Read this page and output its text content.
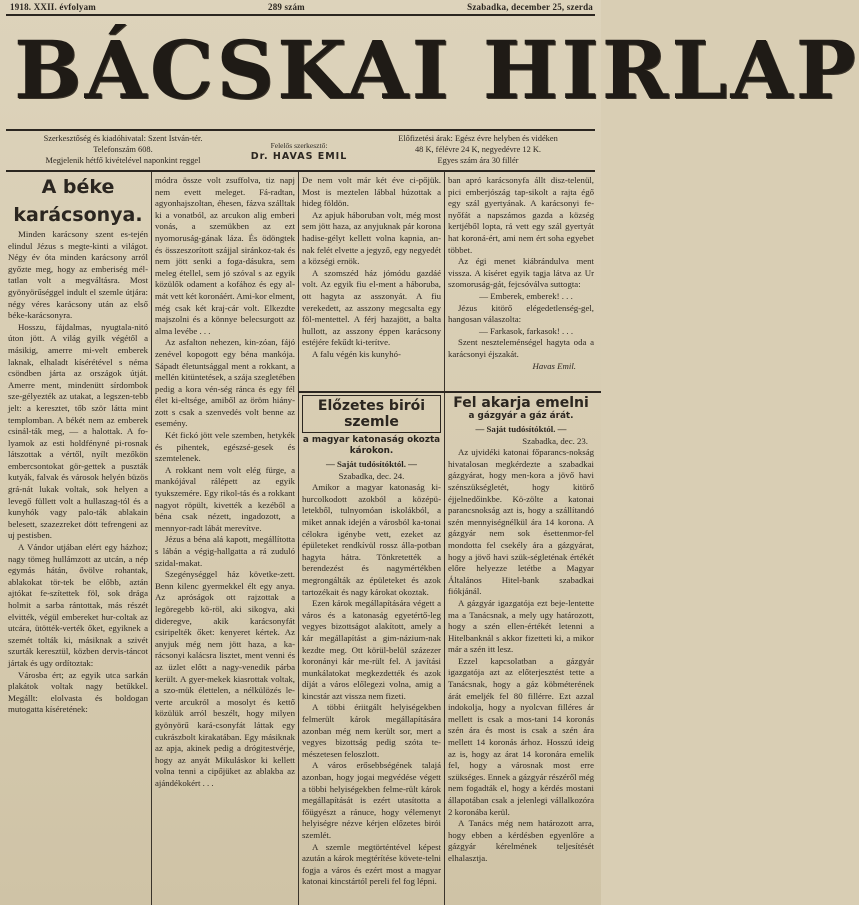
1918. XXII. évfolyam	289 szám	Szabadka, december 25, szerda
BÁCSKAI HIRLAP
Szerkesztőség és kiadóhivatal: Szent István-tér.
Telefonszám 608.
Megjelenik hétfő kivételével naponkint reggel
Felelős szerkesztő:
Dr. HAVAS EMIL
Előfizetési árak: Egész évre helyben és vidéken
48 K, félévre 24 K, negyedévre 12 K.
Egyes szám ára 30 fillér
A béke karácsonya.

Minden karácsony szent es-tején elindul Jézus s megte-kinti a világot. Négy év óta minden karácsony arról győzte meg, hogy az emberiség mél-tatlan volt a megváltásra. Most gyönyörűséggel indult el szemle útjára: négy véres karácsony után az első béke-karácsonyra.

Hosszu, fájdalmas, nyugtala-nitó úton jött. A világ gyilk végétől a másikig, amerre mi-velt emberek laknak, elhaladt kísérétével s néma csöndben járta az országok útját. Amerre ment, mindenütt sírdombok sze-gélyezték az utakat, a legszen-tebb jelt: a keresztet, tőb ször látta mint templomban. A békét nem az emberek csinál-ták meg, — a halottak. A fo-lyamok az esti holdfényné pi-rosnak látszottak a vértől, nyílt mezőkön embercsontokat gör-gettek a puszták kutyák, falvak és városok helyén büzös grá-nát lukak voltak, sok helyen a levegő füllett volt a hullaszag-tól és a kunyhók vagy palo-ták ablakain belesett, szazezreket dött tefrengeni az uj pestisben.

A Vándor utjában elért egy házhoz; nagy tömeg hullámzott az utcán, a nép egymás hátán, ővölve rohantak, ablakokat tör-tek be előbb, aztán ajtókat fe-szítettek föl, sok drága holmit a sarba rántottak, más részét elvitték, végül embereket hur-coltak az utcára, ütötték-verték őket, egyiknek a szemét tolták ki, másiknak a szivét szurták keresztül, közben dervis-táncot jártak és ugy ordítoztak:

Városba ért; az egyik utca sarkán plakátok voltak nagy betűkkel. Megállt: elolvasta és boldogan mutogatta kíséretének:

módra össze volt zsuffolva, tiz napj nem evett meleget. Fá-radtan, agyonhajszoltan, éhesen, fázva szálltak ki a vonatból, az arcukon alig emberi vonás, a szemükben az ezt nyomoruság-gának láza. És ödöngtek és összeszorított szájjal siránkoz-tak és nem jött senki a foga-dásukra, sem meleg étellel, sem jó szóval s az egyik közülők odament a kofához és egy al-mát vett két koronáért. Ami-kor elment, még csak két kraj-cár volt. Elkezdte majszolni és a könnye belecsurgott az alma levébe . . .

Az asfalton nehezen, kin-zóan, fájó zenével kopogott egy béna mankója. Sápadt életuntsággal ment a rokkant, a mellén kitüntetések, a szája szegletében pedig a kora vén-ség ránca és egy fél élet ki-eltsége, amiből az öröm hiány-zott s csak a szenvedés volt benne az esemény.

Két fickó jött vele szemben, hetykék és pihentek, egészsé-gesek és szemtelenek.

A rokkant nem volt elég fürge, a mankójával rálépett az egyik tyukszemére. Egy rikol-tás és a rokkant nagyot röpült, kivették a kezéből a béna csak nézett, ingadozott, a mennyor-radt lábát merevítve.

Jézus a béna alá kapott, megállította s lábán a végig-hallgatta a rá zuduló szidal-makat.

Szegénységgel ház követke-zett. Benn kilenc gyermekkel élt egy anya. Az apróságok ott rajzottak a legöregebb kö-röl, aki sikogva, aki dideregve, akik karácsonyfát csiripelték őket: kenyeret kértek. Az anyjuk még nem jött haza, a ka-rácsonyi kalácsra lisztet, ment venni és az üzlet előtt a nagy-venedik párba került. A gyer-mekek kiasrottak voltak, a szo-mük élettelen, a nélkülözés le-verte arcukról a mosolyt és kettő közülük arról beszélt, hogy milyen gyönyörű kará-csonyfát láttak egy cukrászbolt kirakatában. Egy másiknak az apja, akinek pedig a drógitestvérje, hogy az anyát Mikuláskor ki kellett volna tenni a cipőjüket az ablakba az ajándékokért . . .

De nem volt már két éve ci-pőjük. Most is meztelen lábbal húzottak a hideg földön.

Az apjuk háboruban volt, még most sem jött haza, az anyjuknak pár korona hadise-gélyt kellett volna kapnia, an-nak felét elvette a jegyző, egy negyedét a községi ernök.

A szomszéd ház jómódu gazdáé volt. Az egyik fiu el-ment a háboruba, ott hagyta az asszonyát. A fiu verekedett, az asszony megcsalta egy föl-mentettel. A férj hazajött, a balta hullott, az asszony éppen karácsony estéjére fekűdt ki-terítve.

A falu végén kis kunyhó-

ban apró karácsonyfa állt disz-telenül, pici emberjószág tap-sikolt a rajta égő egy szál gyertyának. A karácsonyi fe-nyőfát a napszámos gazda a község kertjéből lopta, rá vett egy szál gyertyát hat koroná-ért, ami nem ért soha egyebet többet.

Az égi menet kiábrándulva ment vissza. A kíséret egyik tagja látva az Ur szomoruság-gát, fejcsóválva suttogta:

— Emberek, emberek! . . .

Jézus kitörő elégedetlenség-gel, hangosan válaszolta:

— Farkasok, farkasok! . . .

Szent neszteleménségel hagyta oda a karácsonyi éjszakát.

Havas Emil.
Előzetes birói szemle
a magyar katonaság okozta
károkon.
— Saját tudósítóktól. —
Szabadka, dec. 24.

Amikor a magyar katonaság ki-hurcolkodott azokból a középü-letekből, tulnyomóan iskolákból, a miket annak idején a városból ka-tonai célokra igénybe vett, ezeket az épületeket rendkívül rossz álla-potban hagyta hátra. Tönkretették a berendezést és nagymértékben megrongálták az épületeket és azok tartozékait és nagy károkat okoztak.

Ezen károk megállapítására végett a város és a katonaság egyetértő-leg vegyes bizottságot alakított, amely a kár megállapítást a gim-názium-nak kezdte meg. Ott körül-belül százezer koronányi kár me-rült fel. A javítási munkálatokat megkezdették és azok díját a város előlegezi volna, amig a kincstár azt vissza nem fizeti.

A többi ériitgált helyiségekben felmerült károk megállapítására azonban még nem került sor, mert a vegyes bizottság pedig szóta te-mészetesen feloszlott.

A város erősebbségének talajá azonban, hogy jogai megvédése végett a többi helyiségekben felme-rült károk megállapítását is ezért utasította a főügyészt a ránuce, hogy vélemenyt helyiségre nézve kérjen előzetes birói szemlét.

A szemle megtörténtével képest azután a károk megtérítése követe-telni fogja a város és ezért most a magyar katonai kincstártól pereli fel fog lépni.

Fel akarja emelni
a gázgyár a gáz árát.
— Saját tudósítóktól. —
Szabadka, dec. 23.

Az ujvidéki katonai főparancs-nokság hivatalosan megkérdezte a szabadkai gázgyárat, hogy men-kora a jövő havi szénszükségletét, hogy kitörő éjjelnedőinkbe. Kö-zölte a katonai parancsnokság azt is, hogy a szállítandó szén mennyiségnélkül ára 14 korona. A gázgyár nem sok ésettenmor-fel mondotta fel csekély ára a gázgyárat, hogy a jövő havi szük-ségleténak értékét előre helyezze letétbe a Magyar Általános Hitel-bank szabadkai fiókjánál.

A gázgyár igazgatója ezt beje-lentette ma a Tanácsnak, a mely ugy határozott, hogy a szén ellen-értékét letenni a Hitelbanknál s akkor fizetteti ki, a mikor már a szén itt lesz.

Ezzel kapcsolatban a gázgyár igazgatója azt az előterjesztést tette a Tanácsnak, hogy a gáz köbméterének árát emeljék fel 80 fillérre. Ezt azzal indokolja, hogy a nyolcvan filléres ár mellett is csak a mos-tani 14 koronás szén ára és most is csak a szén ára mellett 14 koronás árhoz. Hosszú ideig az is, hogy az árat 14 koronára emelik fel, hogy a városnak most erre szükséges. Ennek a gázgyár részéről még nem fogadták el, hogy a kérdés mostani állapotában csak a jelenlegi vállalkozóra 2 koronába kerül.

A Tanács még nem határozott arra, hogy ebben a kérdésben egyenlőre a gázgyár kérelmének teljesítését elhalasztja.
